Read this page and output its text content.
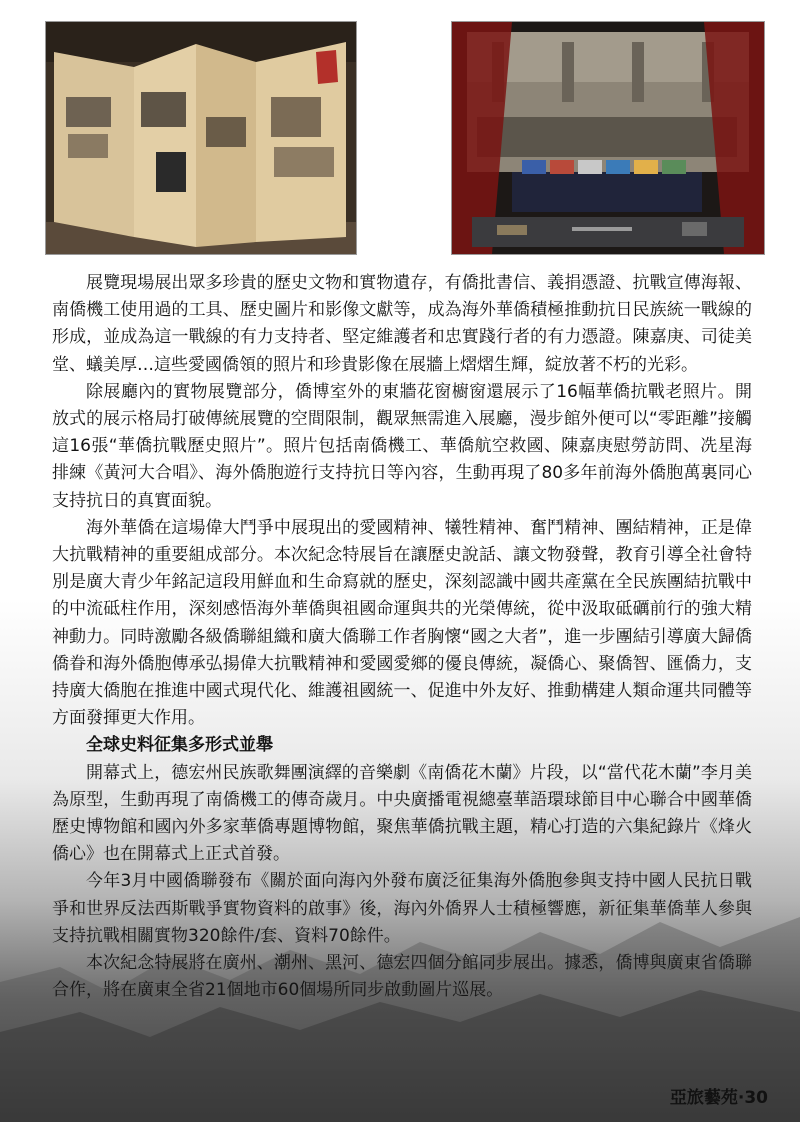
展覽現場展出眾多珍貴的歷史文物和實物遺存，有僑批書信、義捐憑證、抗戰宣傳海報、南僑機工使用過的工具、歷史圖片和影像文獻等，成為海外華僑積極推動抗日民族統一戰線的形成，並成為這一戰線的有力支持者、堅定維護者和忠實踐行者的有力憑證。陳嘉庚、司徒美堂、蟻美厚…這些愛國僑領的照片和珍貴影像在展牆上熠熠生輝，綻放著不朽的光彩。

除展廳內的實物展覽部分，僑博室外的東牆花窗櫥窗還展示了16幅華僑抗戰老照片。開放式的展示格局打破傳統展覽的空間限制，觀眾無需進入展廳，漫步館外便可以“零距離”接觸這16張“華僑抗戰歷史照片”。照片包括南僑機工、華僑航空救國、陳嘉庚慰勞訪問、冼星海排練《黃河大合唱》、海外僑胞遊行支持抗日等內容，生動再現了80多年前海外僑胞萬裏同心支持抗日的真實面貌。

海外華僑在這場偉大鬥爭中展現出的愛國精神、犧牲精神、奮鬥精神、團結精神，正是偉大抗戰精神的重要組成部分。本次紀念特展旨在讓歷史說話、讓文物發聲，教育引導全社會特別是廣大青少年銘記這段用鮮血和生命寫就的歷史，深刻認識中國共產黨在全民族團結抗戰中的中流砥柱作用，深刻感悟海外華僑與祖國命運與共的光榮傳統，從中汲取砥礪前行的強大精神動力。同時激勵各級僑聯組織和廣大僑聯工作者胸懷“國之大者”，進一步團結引導廣大歸僑僑眷和海外僑胞傳承弘揚偉大抗戰精神和愛國愛鄉的優良傳統，凝僑心、聚僑智、匯僑力，支持廣大僑胞在推進中國式現代化、維護祖國統一、促進中外友好、推動構建人類命運共同體等方面發揮更大作用。

全球史料征集多形式並舉

開幕式上，德宏州民族歌舞團演繹的音樂劇《南僑花木蘭》片段，以“當代花木蘭”李月美為原型，生動再現了南僑機工的傳奇歲月。中央廣播電視總臺華語環球節目中心聯合中國華僑歷史博物館和國內外多家華僑專題博物館，聚焦華僑抗戰主題，精心打造的六集紀錄片《烽火僑心》也在開幕式上正式首發。

今年3月中國僑聯發布《關於面向海內外發布廣泛征集海外僑胞參與支持中國人民抗日戰爭和世界反法西斯戰爭實物資料的啟事》後，海內外僑界人士積極響應，新征集華僑華人參與支持抗戰相關實物320餘件/套、資料70餘件。

本次紀念特展將在廣州、潮州、黑河、德宏四個分館同步展出。據悉，僑博與廣東省僑聯合作，將在廣東全省21個地市60個場所同步啟動圖片巡展。

亞旅藝苑·30
